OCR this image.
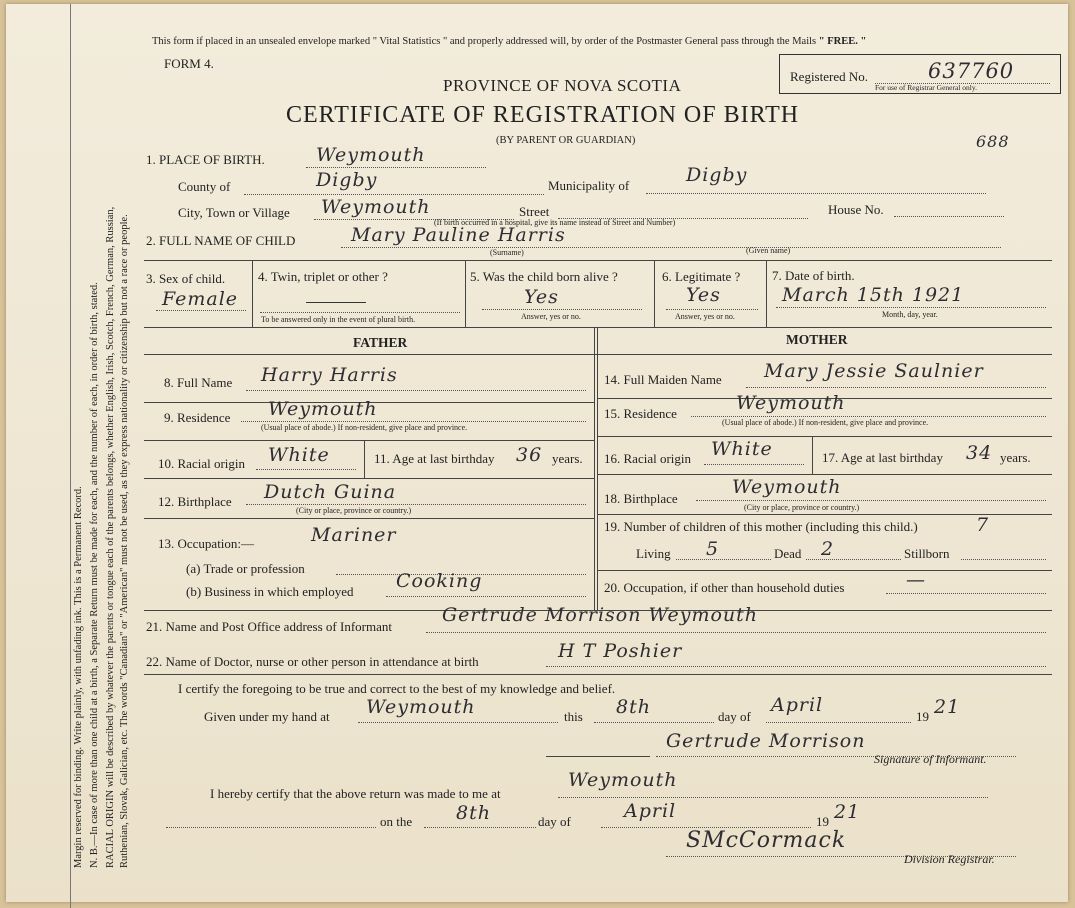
Margin reserved for binding. Write plainly, with unfading ink. This is a Permanent Record. N. B.—In case of more than one child at a birth, a Separate Return must be made for each, and the number of each, in order of birth, stated. RACIAL ORIGIN will be described by whatever the parents or tongue each of the parents belongs, whether English, Irish, Scotch, French, German, Russian, Ruthenian, Slovak, Galician, etc. The words "Canadian" or "American" must not be used, as they express nationality or citizenship but not a race or people.
This form if placed in an unsealed envelope marked " Vital Statistics " and properly addressed will, by order of the Postmaster General pass through the Mails " FREE. "
FORM 4.
PROVINCE OF NOVA SCOTIA
CERTIFICATE OF REGISTRATION OF BIRTH
(BY PARENT OR GUARDIAN)
Registered No.	637760
For use of Registrar General only.
688
1. PLACE OF BIRTH.	Weymouth
County of	Digby	Municipality of	Digby
City, Town or Village Weymouth	Street	House No.
(If birth occurred in a hospital, give its name instead of Street and Number)
2. FULL NAME OF CHILD	Mary Pauline Harris
(Surname)	(Given name)
3. Sex of child.
Female
4. Twin, triplet or other ?
To be answered only in the event of plural birth.
5. Was the child born alive ?
Yes
Answer, yes or no.
6. Legitimate ?
Yes
Answer, yes or no.
7. Date of birth.
March 15th 1921
Month, day, year.
FATHER	MOTHER
8. Full Name Harry Harris
9. Residence Weymouth
(Usual place of abode.) If non-resident, give place and province.
10. Racial origin White	11. Age at last birthday 36 years.
12. Birthplace Dutch Guina
(City or place, province or country.)
13. Occupation:—	Mariner
(a) Trade or profession
(b) Business in which employed Cooking
14. Full Maiden Name Mary Jessie Saulnier
15. Residence	Weymouth
(Usual place of abode.) If non-resident, give place and province.
16. Racial origin White	17. Age at last birthday 34 years.
18. Birthplace
Weymouth
(City or place, province or country.)
19. Number of children of this mother (including this child.)	7
Living 5	Dead 2	Stillborn
20. Occupation, if other than household duties	—
21. Name and Post Office address of Informant
Gertrude Morrison Weymouth
22. Name of Doctor, nurse or other person in attendance at birth	H T Poshier
I certify the foregoing to be true and correct to the best of my knowledge and belief.
Given under my hand at Weymouth	this 8th	day of
April
19 21
Gertrude Morrison
Signature of Informant.
I hereby certify that the above return was made to me at
Weymouth
on the 8th	day of	April	19 21
SMcCormack
Division Registrar.
